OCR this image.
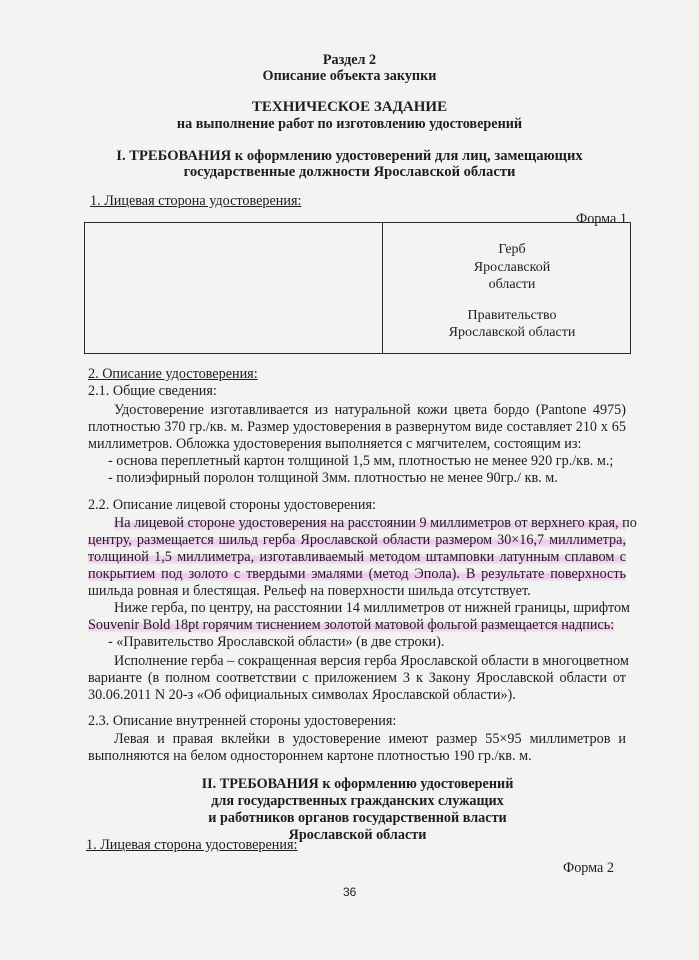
Раздел 2
Описание объекта закупки
ТЕХНИЧЕСКОЕ ЗАДАНИЕ
на выполнение работ по изготовлению удостоверений
I. ТРЕБОВАНИЯ к оформлению удостоверений для лиц, замещающих
государственные должности Ярославской области
1. Лицевая сторона удостоверения:
Форма 1
Герб
Ярославской
области
Правительство
Ярославской области
2. Описание удостоверения:
2.1. Общие сведения:
Удостоверение изготавливается из натуральной кожи цвета бордо (Pantone 4975)
плотностью 370 гр./кв. м. Размер удостоверения в развернутом виде составляет 210 х 65
миллиметров. Обложка удостоверения выполняется с мягчителем, состоящим из:
- основа переплетный картон толщиной 1,5 мм, плотностью не менее 920 гр./кв. м.;
- полиэфирный поролон толщиной 3мм. плотностью не менее 90гр./ кв. м.
2.2. Описание лицевой стороны удостоверения:
На лицевой стороне удостоверения на расстоянии 9 миллиметров от верхнего края, по
центру, размещается шильд герба Ярославской области размером 30×16,7 миллиметра,
толщиной 1,5 миллиметра, изготавливаемый методом штамповки латунным сплавом с
покрытием под золото с твердыми эмалями (метод Эпола). В результате поверхность
шильда ровная и блестящая. Рельеф на поверхности шильда отсутствует.
Ниже герба, по центру, на расстоянии 14 миллиметров от нижней границы, шрифтом
Souvenir Bold 18pt горячим тиснением золотой матовой фольгой размещается надпись:
- «Правительство Ярославской области» (в две строки).
Исполнение герба – сокращенная версия герба Ярославской области в многоцветном
варианте (в полном соответствии с приложением 3 к Закону Ярославской области от
30.06.2011 N 20-з «Об официальных символах Ярославской области»).
2.3. Описание внутренней стороны удостоверения:
Левая и правая вклейки в удостоверение имеют размер 55×95 миллиметров и
выполняются на белом одностороннем картоне плотностью 190 гр./кв. м.
II. ТРЕБОВАНИЯ к оформлению удостоверений
для государственных гражданских служащих
и работников органов государственной власти
Ярославской области
1. Лицевая сторона удостоверения:
Форма 2
36
